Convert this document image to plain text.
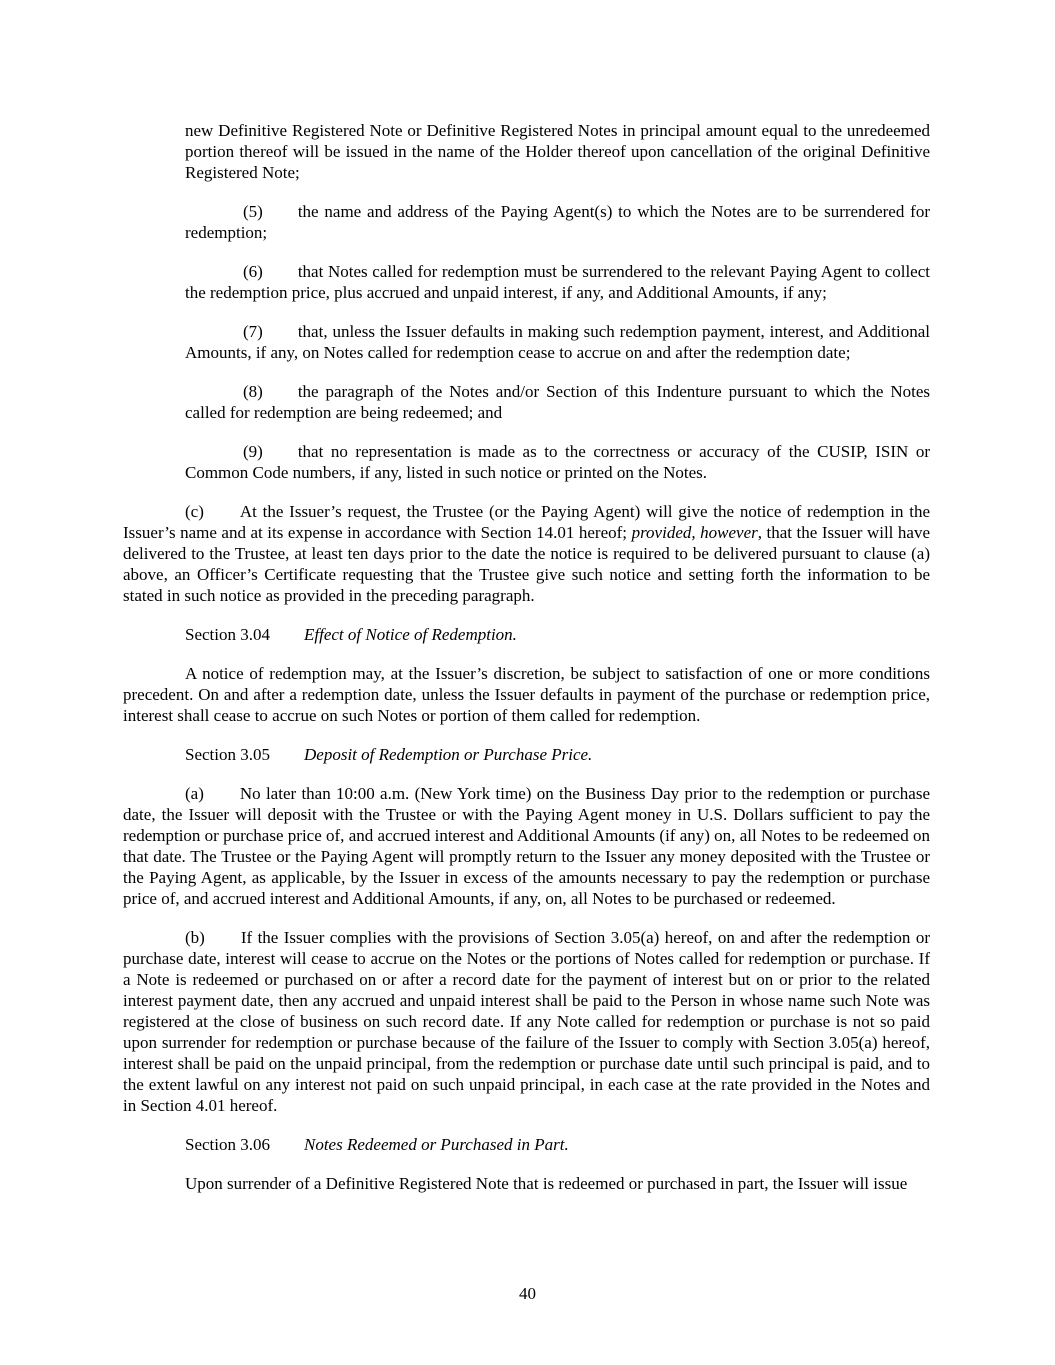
new Definitive Registered Note or Definitive Registered Notes in principal amount equal to the unredeemed portion thereof will be issued in the name of the Holder thereof upon cancellation of the original Definitive Registered Note;

(5) the name and address of the Paying Agent(s) to which the Notes are to be surrendered for redemption;

(6) that Notes called for redemption must be surrendered to the relevant Paying Agent to collect the redemption price, plus accrued and unpaid interest, if any, and Additional Amounts, if any;

(7) that, unless the Issuer defaults in making such redemption payment, interest, and Additional Amounts, if any, on Notes called for redemption cease to accrue on and after the redemption date;

(8) the paragraph of the Notes and/or Section of this Indenture pursuant to which the Notes called for redemption are being redeemed; and

(9) that no representation is made as to the correctness or accuracy of the CUSIP, ISIN or Common Code numbers, if any, listed in such notice or printed on the Notes.

(c) At the Issuer’s request, the Trustee (or the Paying Agent) will give the notice of redemption in the Issuer’s name and at its expense in accordance with Section 14.01 hereof; provided, however, that the Issuer will have delivered to the Trustee, at least ten days prior to the date the notice is required to be delivered pursuant to clause (a) above, an Officer’s Certificate requesting that the Trustee give such notice and setting forth the information to be stated in such notice as provided in the preceding paragraph.

Section 3.04 Effect of Notice of Redemption.

A notice of redemption may, at the Issuer’s discretion, be subject to satisfaction of one or more conditions precedent. On and after a redemption date, unless the Issuer defaults in payment of the purchase or redemption price, interest shall cease to accrue on such Notes or portion of them called for redemption.

Section 3.05 Deposit of Redemption or Purchase Price.

(a) No later than 10:00 a.m. (New York time) on the Business Day prior to the redemption or purchase date, the Issuer will deposit with the Trustee or with the Paying Agent money in U.S. Dollars sufficient to pay the redemption or purchase price of, and accrued interest and Additional Amounts (if any) on, all Notes to be redeemed on that date. The Trustee or the Paying Agent will promptly return to the Issuer any money deposited with the Trustee or the Paying Agent, as applicable, by the Issuer in excess of the amounts necessary to pay the redemption or purchase price of, and accrued interest and Additional Amounts, if any, on, all Notes to be purchased or redeemed.

(b) If the Issuer complies with the provisions of Section 3.05(a) hereof, on and after the redemption or purchase date, interest will cease to accrue on the Notes or the portions of Notes called for redemption or purchase. If a Note is redeemed or purchased on or after a record date for the payment of interest but on or prior to the related interest payment date, then any accrued and unpaid interest shall be paid to the Person in whose name such Note was registered at the close of business on such record date. If any Note called for redemption or purchase is not so paid upon surrender for redemption or purchase because of the failure of the Issuer to comply with Section 3.05(a) hereof, interest shall be paid on the unpaid principal, from the redemption or purchase date until such principal is paid, and to the extent lawful on any interest not paid on such unpaid principal, in each case at the rate provided in the Notes and in Section 4.01 hereof.

Section 3.06 Notes Redeemed or Purchased in Part.

Upon surrender of a Definitive Registered Note that is redeemed or purchased in part, the Issuer will issue

40
